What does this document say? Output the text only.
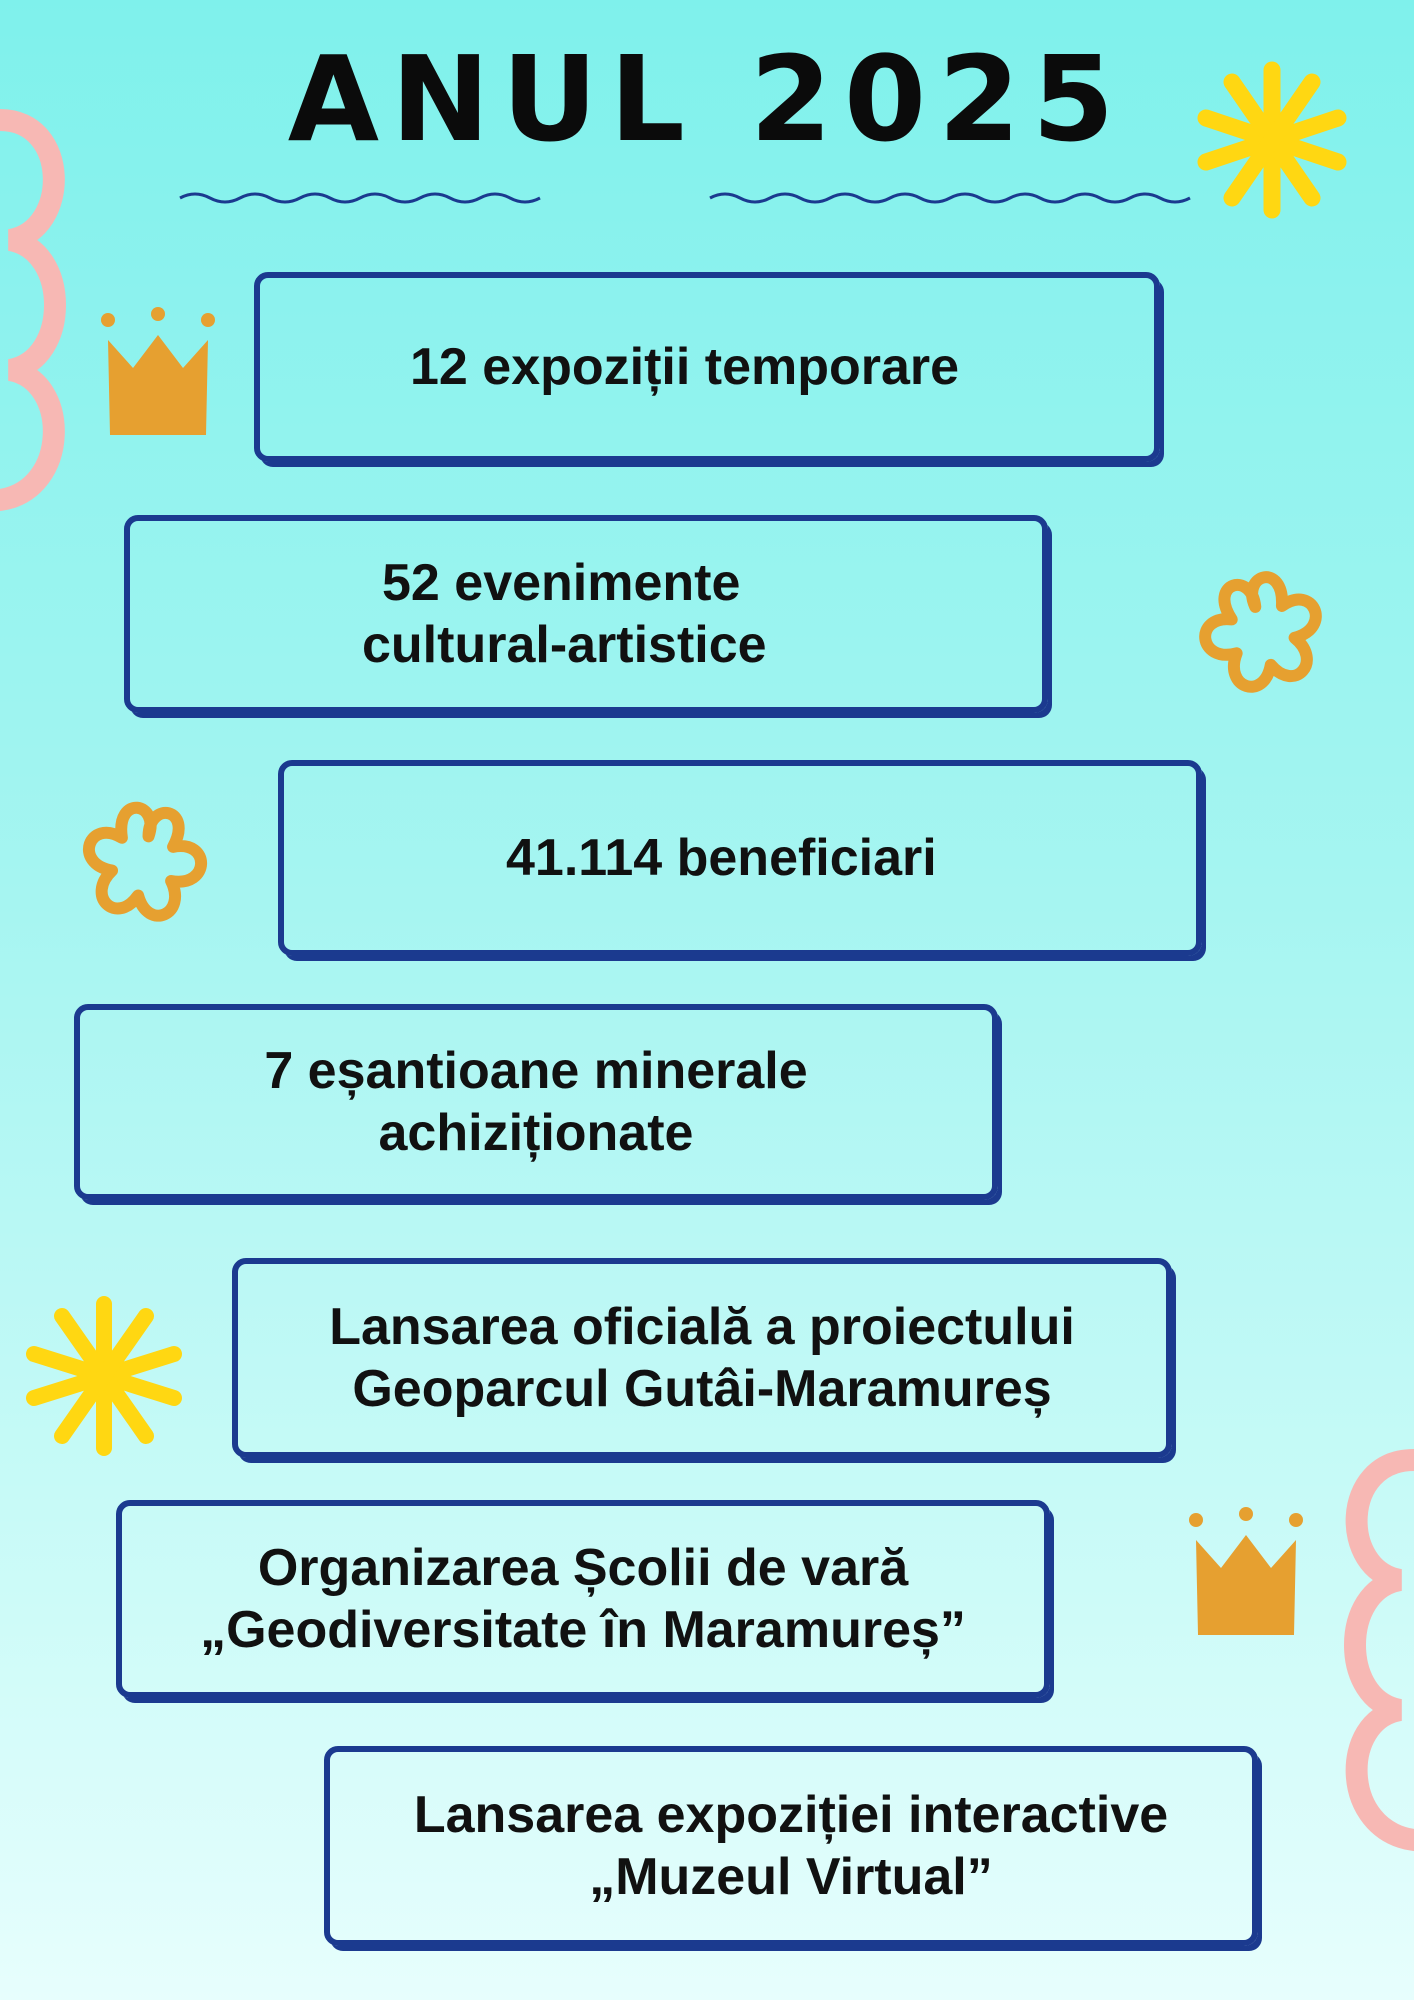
ANUL 2025
12 expoziții temporare
52 evenimente
cultural-artistice
41.114 beneficiari
7 eșantioane minerale
achiziționate
Lansarea oficială a proiectului
Geoparcul Gutâi-Maramureș
Organizarea Școlii de vară
„Geodiversitate în Maramureș”
Lansarea expoziției interactive
„Muzeul Virtual”
